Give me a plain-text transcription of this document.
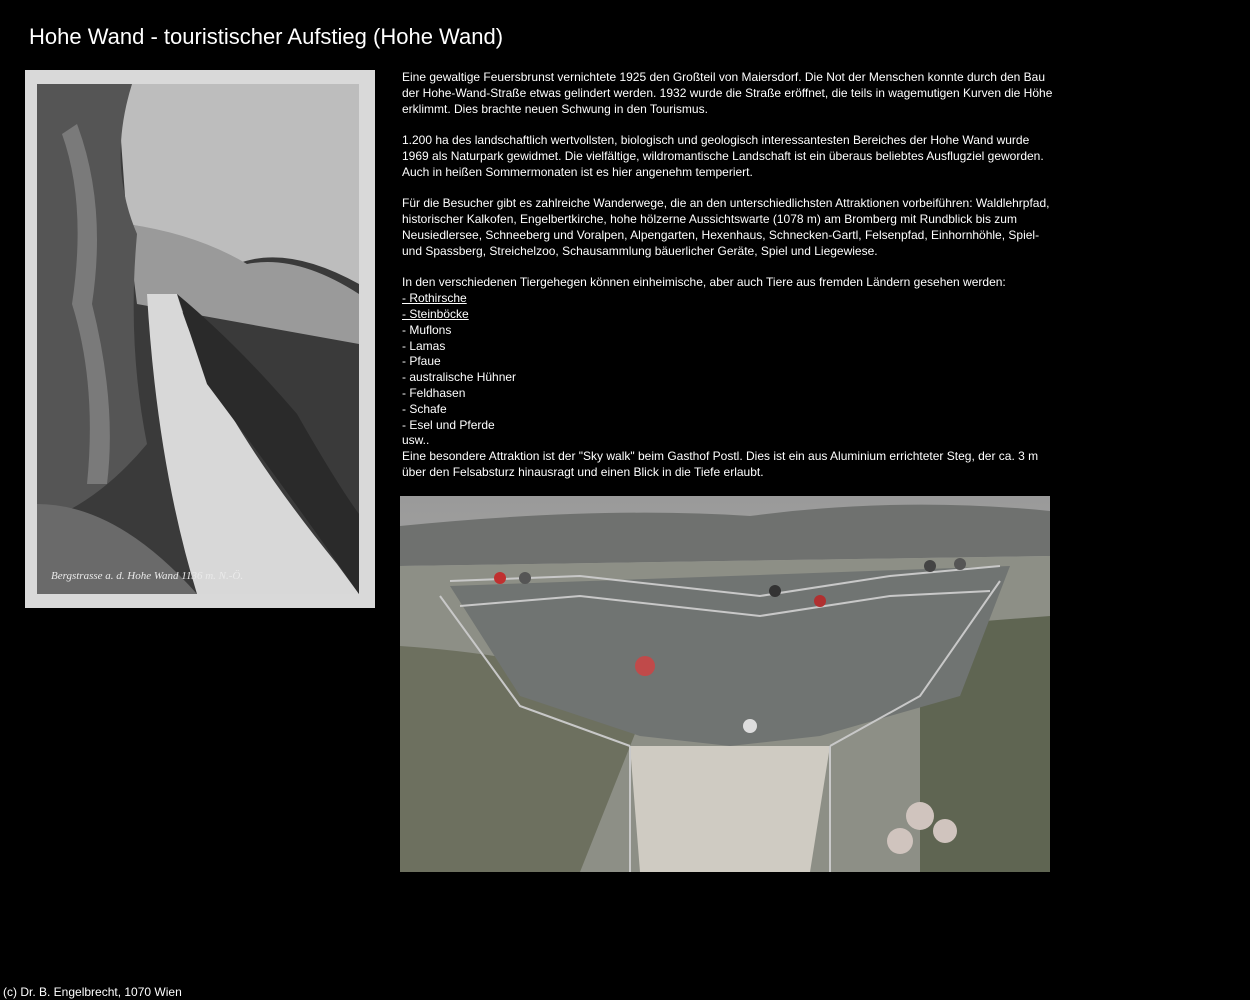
Hohe Wand - touristischer Aufstieg (Hohe Wand)
Bergstrasse a. d. Hohe Wand 1136 m. N.-Ö.

Eine gewaltige Feuersbrunst vernichtete 1925 den Großteil von Maiersdorf. Die Not der Menschen konnte durch den Bau der Hohe-Wand-Straße etwas gelindert werden. 1932 wurde die Straße eröffnet, die teils in wagemutigen Kurven die Höhe erklimmt. Dies brachte neuen Schwung in den Tourismus.

1.200 ha des landschaftlich wertvollsten, biologisch und geologisch interessantesten Bereiches der Hohe Wand wurde 1969 als Naturpark gewidmet. Die vielfältige, wildromantische Landschaft ist ein überaus beliebtes Ausflugziel geworden. Auch in heißen Sommermonaten ist es hier angenehm temperiert.

Für die Besucher gibt es zahlreiche Wanderwege, die an den unterschiedlichsten Attraktionen vorbeiführen: Waldlehrpfad, historischer Kalkofen, Engelbertkirche, hohe hölzerne Aussichtswarte (1078 m) am Bromberg mit Rundblick bis zum Neusiedlersee, Schneeberg und Voralpen, Alpengarten, Hexenhaus, Schnecken-Gartl, Felsenpfad, Einhornhöhle, Spiel- und Spassberg, Streichelzoo, Schausammlung bäuerlicher Geräte, Spiel und Liegewiese.

In den verschiedenen Tiergehegen können einheimische, aber auch Tiere aus fremden Ländern gesehen werden:
- Rothirsche
- Steinböcke
- Muflons
- Lamas
- Pfaue
- australische Hühner
- Feldhasen
- Schafe
- Esel und Pferde
usw..
Eine besondere Attraktion ist der "Sky walk" beim Gasthof Postl. Dies ist ein aus Aluminium errichteter Steg, der ca. 3 m über den Felsabsturz hinausragt und einen Blick in die Tiefe erlaubt.
(c) Dr. B. Engelbrecht, 1070 Wien
